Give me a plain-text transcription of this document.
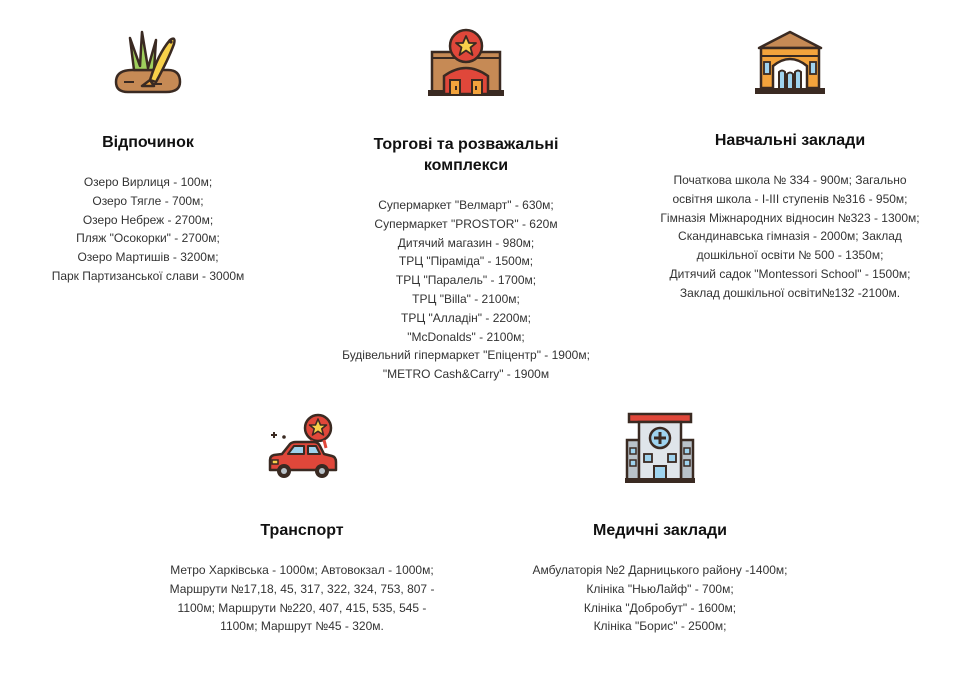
Відпочинок
Озеро Вирлиця - 100м;
Озеро Тягле - 700м;
Озеро Небреж - 2700м;
Пляж "Осокорки" - 2700м;
Озеро Мартишів - 3200м;
Парк Партизанської слави - 3000м
Торгові та розважальні
комплекси
Супермаркет "Велмарт" - 630м;
Супермаркет "PROSTOR" - 620м
Дитячий магазин - 980м;
ТРЦ "Піраміда" - 1500м;
ТРЦ "Паралель" - 1700м;
ТРЦ "Billa" - 2100м;
ТРЦ "Алладін" - 2200м;
"McDonalds" - 2100м;
Будівельний гіпермаркет "Епіцентр" - 1900м;
"METRO Cash&Carry" - 1900м
Навчальні заклади
Початкова школа № 334 - 900м; Загально
освітня школа - I-III ступенів №316 - 950м;
Гімназія Міжнародних відносин №323 - 1300м;
Скандинавська гімназія - 2000м; Заклад
дошкільної освіти № 500 - 1350м;
Дитячий садок "Montessori School" - 1500м;
Заклад дошкільної освіти№132 -2100м.
Транспорт
Метро Харківська - 1000м; Автовокзал - 1000м;
Маршрути №17,18, 45, 317, 322, 324, 753, 807 -
1100м; Маршрути №220, 407, 415, 535, 545 -
1100м; Маршрут №45 - 320м.
Медичні заклади
Амбулаторія №2 Дарницького району -1400м;
Клініка "НьюЛайф" - 700м;
Клініка "Добробут" - 1600м;
Клініка "Борис" - 2500м;
